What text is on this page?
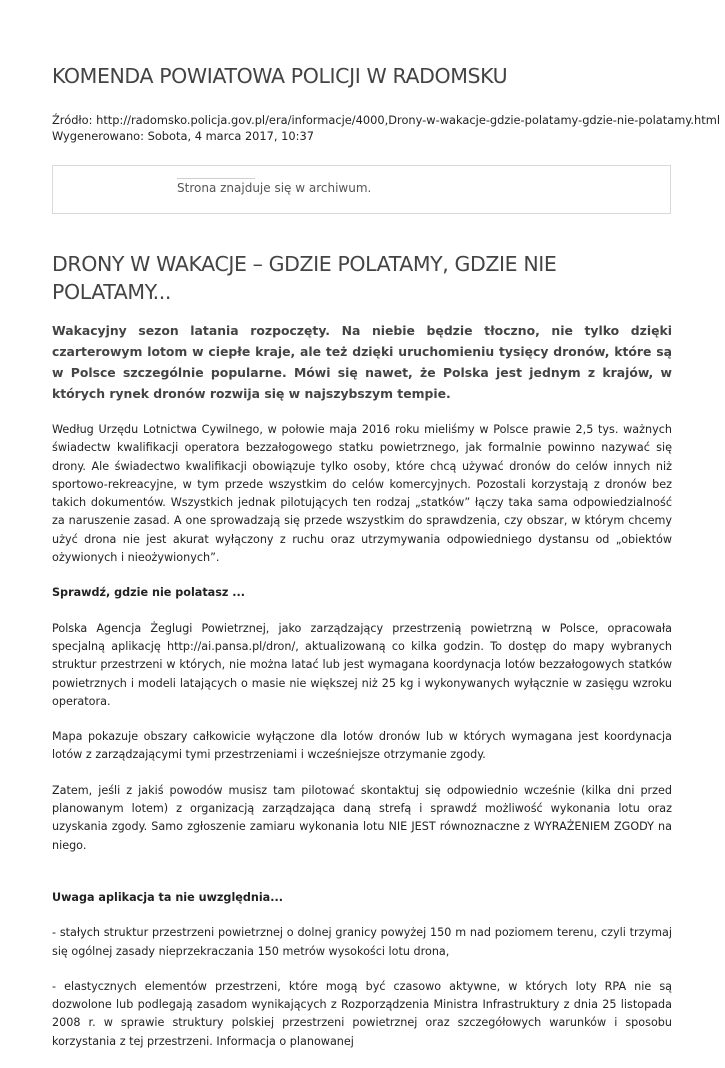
KOMENDA POWIATOWA POLICJI W RADOMSKU
Źródło: http://radomsko.policja.gov.pl/era/informacje/4000,Drony-w-wakacje-gdzie-polatamy-gdzie-nie-polatamy.html
Wygenerowano: Sobota, 4 marca 2017, 10:37
Strona znajduje się w archiwum.
DRONY W WAKACJE – GDZIE POLATAMY, GDZIE NIE POLATAMY...

Wakacyjny sezon latania rozpoczęty. Na niebie będzie tłoczno, nie tylko dzięki czarterowym lotom w ciepłe kraje, ale też dzięki uruchomieniu tysięcy dronów, które są w Polsce szczególnie popularne. Mówi się nawet, że Polska jest jednym z krajów, w których rynek dronów rozwija się w najszybszym tempie.

Według Urzędu Lotnictwa Cywilnego, w połowie maja 2016 roku mieliśmy w Polsce prawie 2,5 tys. ważnych świadectw kwalifikacji operatora bezzałogowego statku powietrznego, jak formalnie powinno nazywać się drony. Ale świadectwo kwalifikacji obowiązuje tylko osoby, które chcą używać dronów do celów innych niż sportowo-rekreacyjne, w tym przede wszystkim do celów komercyjnych. Pozostali korzystają z dronów bez takich dokumentów. Wszystkich jednak pilotujących ten rodzaj „statków” łączy taka sama odpowiedzialność za naruszenie zasad. A one sprowadzają się przede wszystkim do sprawdzenia, czy obszar, w którym chcemy użyć drona nie jest akurat wyłączony z ruchu oraz utrzymywania odpowiedniego dystansu od „obiektów ożywionych i nieożywionych”.

Sprawdź, gdzie nie polatasz ...

Polska Agencja Żeglugi Powietrznej, jako zarządzający przestrzenią powietrzną w Polsce, opracowała specjalną aplikację http://ai.pansa.pl/dron/, aktualizowaną co kilka godzin. To dostęp do mapy wybranych struktur przestrzeni w których, nie można latać lub jest wymagana koordynacja lotów bezzałogowych statków powietrznych i modeli latających o masie nie większej niż 25 kg i wykonywanych wyłącznie w zasięgu wzroku operatora.

Mapa pokazuje obszary całkowicie wyłączone dla lotów dronów lub w których wymagana jest koordynacja lotów z zarządzającymi tymi przestrzeniami i wcześniejsze otrzymanie zgody.

Zatem, jeśli z jakiś powodów musisz tam pilotować skontaktuj się odpowiednio wcześnie (kilka dni przed planowanym lotem) z organizacją zarządzająca daną strefą i sprawdź możliwość wykonania lotu oraz uzyskania zgody. Samo zgłoszenie zamiaru wykonania lotu NIE JEST równoznaczne z WYRAŻENIEM ZGODY na niego.

Uwaga aplikacja ta nie uwzględnia...

- stałych struktur przestrzeni powietrznej o dolnej granicy powyżej 150 m nad poziomem terenu, czyli trzymaj się ogólnej zasady nieprzekraczania 150 metrów wysokości lotu drona,

- elastycznych elementów przestrzeni, które mogą być czasowo aktywne, w których loty RPA nie są dozwolone lub podlegają zasadom wynikających z Rozporządzenia Ministra Infrastruktury z dnia 25 listopada 2008 r. w sprawie struktury polskiej przestrzeni powietrznej oraz szczegółowych warunków i sposobu korzystania z tej przestrzeni. Informacja o planowanej
